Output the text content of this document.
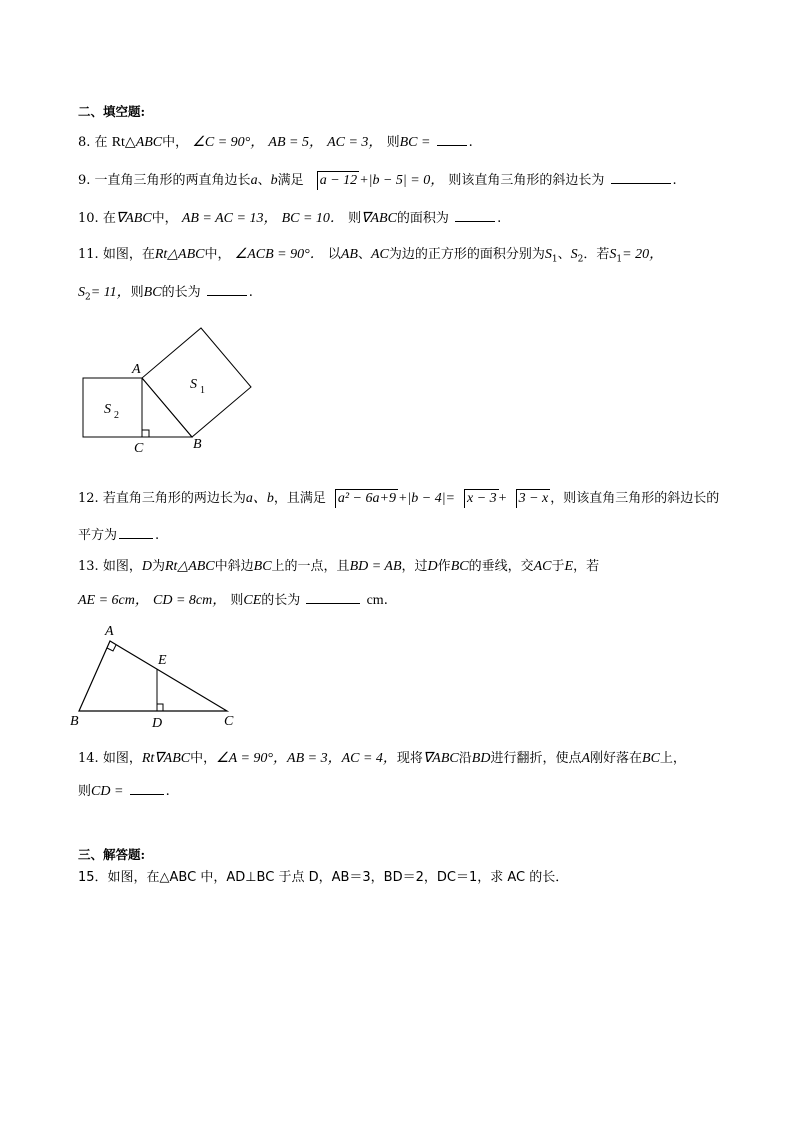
二、填空题:
8. 在 Rt△ABC中， ∠C = 90°， AB = 5， AC = 3， 则BC =	.
9. 一直角三角形的两直角边长a、b满足 a − 12 +|b − 5| = 0， 则该直角三角形的斜边长为	.
10. 在∇ABC中， AB = AC = 13， BC = 10． 则∇ABC的面积为	.
11. 如图，在Rt△ABC中， ∠ACB = 90°． 以AB、AC为边的正方形的面积分别为$S_1$、$S_2$．若$S_1= 20$，
$S_2= 11$，则BC的长为	.
A
B
C
S 1
S 2
12. 若直角三角形的两边长为a、b，且满足 a² − 6a+9 +|b − 4|= x − 3 + 3 − x ，则该直角三角形的斜边长的
平方为	.
13. 如图，D为Rt△ABC中斜边BC上的一点，且BD = AB，过D作BC的垂线，交AC于E，若
AE = 6cm， CD = 8cm， 则CE的长为	cm.
A
B	C
D
E
14. 如图，Rt∇ABC中，∠A = 90°，AB = 3，AC = 4，现将∇ABC沿BD进行翻折，使点A刚好落在BC上，
则CD =	.
三、解答题:
15．如图，在△ABC 中，AD⊥BC 于点 D，AB＝3，BD＝2，DC＝1，求 AC 的长．
